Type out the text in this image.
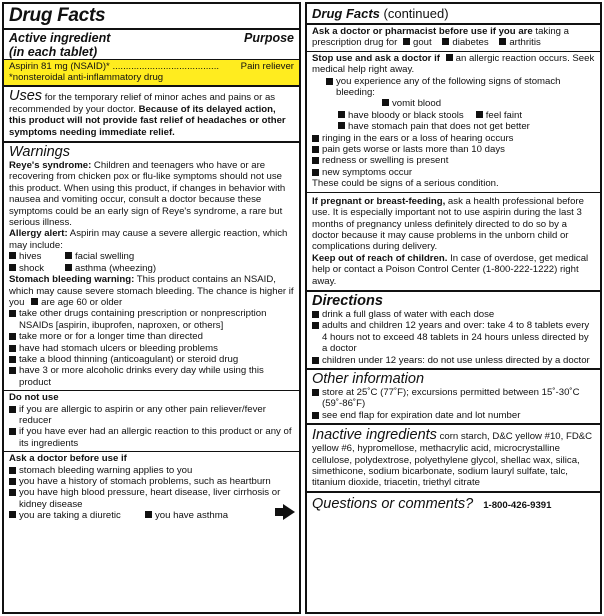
Drug Facts
Active ingredient	Purpose
(in each tablet)
Aspirin 81 mg (NSAID)* ........................................ Pain reliever
*nonsteroidal anti-inflammatory drug
Uses for the temporary relief of minor aches and pains or as recommended by your doctor. Because of its delayed action, this product will not provide fast relief of headaches or other symptoms needing immediate relief.
Warnings
Reye's syndrome: Children and teenagers who have or are recovering from chicken pox or flu-like symptoms should not use this product. When using this product, if changes in behavior with nausea and vomiting occur, consult a doctor because these symptoms could be an early sign of Reye's syndrome, a rare but serious illness.
Allergy alert: Aspirin may cause a severe allergic reaction, which may include:
hives	facial swelling
shock	asthma (wheezing)
Stomach bleeding warning: This product contains an NSAID, which may cause severe stomach bleeding. The chance is higher if you are age 60 or older
take other drugs containing prescription or nonprescription NSAIDs [aspirin, ibuprofen, naproxen, or others]
take more or for a longer time than directed
have had stomach ulcers or bleeding problems
take a blood thinning (anticoagulant) or steroid drug
have 3 or more alcoholic drinks every day while using this product
Do not use
if you are allergic to aspirin or any other pain reliever/fever reducer
if you have ever had an allergic reaction to this product or any of its ingredients
Ask a doctor before use if
stomach bleeding warning applies to you
you have a history of stomach problems, such as heartburn
you have high blood pressure, heart disease, liver cirrhosis or kidney disease
you are taking a diuretic	you have asthma
Drug Facts (continued)
Ask a doctor or pharmacist before use if you are taking a prescription drug for gout diabetes arthritis
Stop use and ask a doctor if an allergic reaction occurs. Seek medical help right away.
you experience any of the following signs of stomach bleeding:
vomit blood
have bloody or black stools feel faint
have stomach pain that does not get better
ringing in the ears or a loss of hearing occurs
pain gets worse or lasts more than 10 days
redness or swelling is present
new symptoms occur
These could be signs of a serious condition.
If pregnant or breast-feeding, ask a health professional before use. It is especially important not to use aspirin during the last 3 months of pregnancy unless definitely directed to do so by a doctor because it may cause problems in the unborn child or complications during delivery.
Keep out of reach of children. In case of overdose, get medical help or contact a Poison Control Center (1-800-222-1222) right away.
Directions
drink a full glass of water with each dose
adults and children 12 years and over: take 4 to 8 tablets every 4 hours not to exceed 48 tablets in 24 hours unless directed by a doctor
children under 12 years: do not use unless directed by a doctor
Other information
store at 25˚C (77˚F); excursions permitted between 15˚-30˚C (59˚-86˚F)
see end flap for expiration date and lot number
Inactive ingredients corn starch, D&C yellow #10, FD&C yellow #6, hypromellose, methacrylic acid, microcrystalline cellulose, polydextrose, polyethylene glycol, shellac wax, silica, simethicone, sodium bicarbonate, sodium lauryl sulfate, talc, titanium dioxide, triacetin, triethyl citrate
Questions or comments? 1-800-426-9391
